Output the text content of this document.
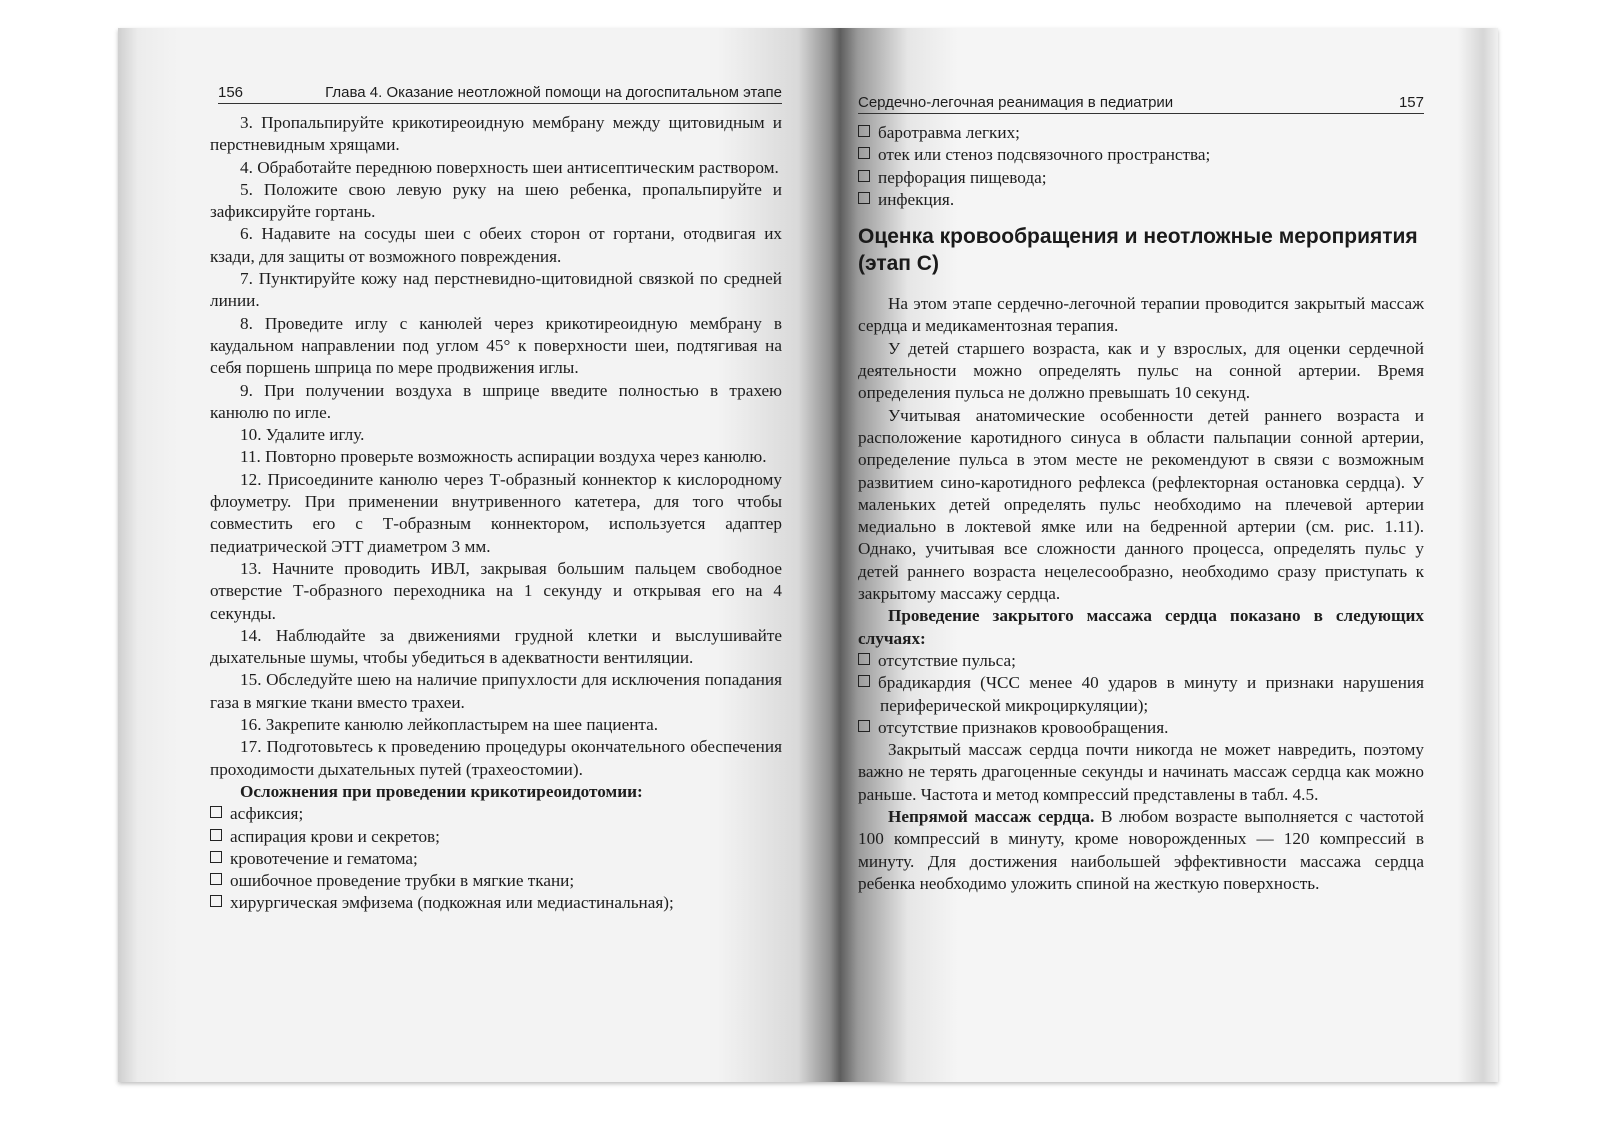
156	Глава 4. Оказание неотложной помощи на догоспитальном этапе

3. Пропальпируйте крикотиреоидную мембрану между щитовидным и перстневидным хрящами.

4. Обработайте переднюю поверхность шеи антисептическим раствором.

5. Положите свою левую руку на шею ребенка, пропальпируйте и зафиксируйте гортань.

6. Надавите на сосуды шеи с обеих сторон от гортани, отодвигая их кзади, для защиты от возможного повреждения.

7. Пунктируйте кожу над перстневидно-щитовидной связкой по средней линии.

8. Проведите иглу с канюлей через крикотиреоидную мембрану в каудальном направлении под углом 45° к поверхности шеи, подтягивая на себя поршень шприца по мере продвижения иглы.

9. При получении воздуха в шприце введите полностью в трахею канюлю по игле.

10. Удалите иглу.

11. Повторно проверьте возможность аспирации воздуха через канюлю.

12. Присоедините канюлю через Т-образный коннектор к кислородному флоуметру. При применении внутривенного катетера, для того чтобы совместить его с Т-образным коннектором, используется адаптер педиатрической ЭТТ диаметром 3 мм.

13. Начните проводить ИВЛ, закрывая большим пальцем свободное отверстие Т-образного переходника на 1 секунду и открывая его на 4 секунды.

14. Наблюдайте за движениями грудной клетки и выслушивайте дыхательные шумы, чтобы убедиться в адекватности вентиляции.

15. Обследуйте шею на наличие припухлости для исключения попадания газа в мягкие ткани вместо трахеи.

16. Закрепите канюлю лейкопластырем на шее пациента.

17. Подготовьтесь к проведению процедуры окончательного обеспечения проходимости дыхательных путей (трахеостомии).

Осложнения при проведении крикотиреоидотомии:

асфиксия;

аспирация крови и секретов;

кровотечение и гематома;

ошибочное проведение трубки в мягкие ткани;

хирургическая эмфизема (подкожная или медиастинальная);

Сердечно-легочная реанимация в педиатрии	157

баротравма легких;

отек или стеноз подсвязочного пространства;

перфорация пищевода;

инфекция.

Оценка кровообращения и неотложные мероприятия (этап С)

На этом этапе сердечно-легочной терапии проводится закрытый массаж сердца и медикаментозная терапия.

У детей старшего возраста, как и у взрослых, для оценки сердечной деятельности можно определять пульс на сонной артерии. Время определения пульса не должно превышать 10 секунд.

Учитывая анатомические особенности детей раннего возраста и расположение каротидного синуса в области пальпации сонной артерии, определение пульса в этом месте не рекомендуют в связи с возможным развитием сино-каротидного рефлекса (рефлекторная остановка сердца). У маленьких детей определять пульс необходимо на плечевой артерии медиально в локтевой ямке или на бедренной артерии (см. рис. 1.11). Однако, учитывая все сложности данного процесса, определять пульс у детей раннего возраста нецелесообразно, необходимо сразу приступать к закрытому массажу сердца.

Проведение закрытого массажа сердца показано в следующих случаях:

отсутствие пульса;

брадикардия (ЧСС менее 40 ударов в минуту и признаки нарушения периферической микроциркуляции);

отсутствие признаков кровообращения.

Закрытый массаж сердца почти никогда не может навредить, поэтому важно не терять драгоценные секунды и начинать массаж сердца как можно раньше. Частота и метод компрессий представлены в табл. 4.5.

Непрямой массаж сердца. В любом возрасте выполняется с частотой 100 компрессий в минуту, кроме новорожденных — 120 компрессий в минуту. Для достижения наибольшей эффективности массажа сердца ребенка необходимо уложить спиной на жесткую поверхность.
